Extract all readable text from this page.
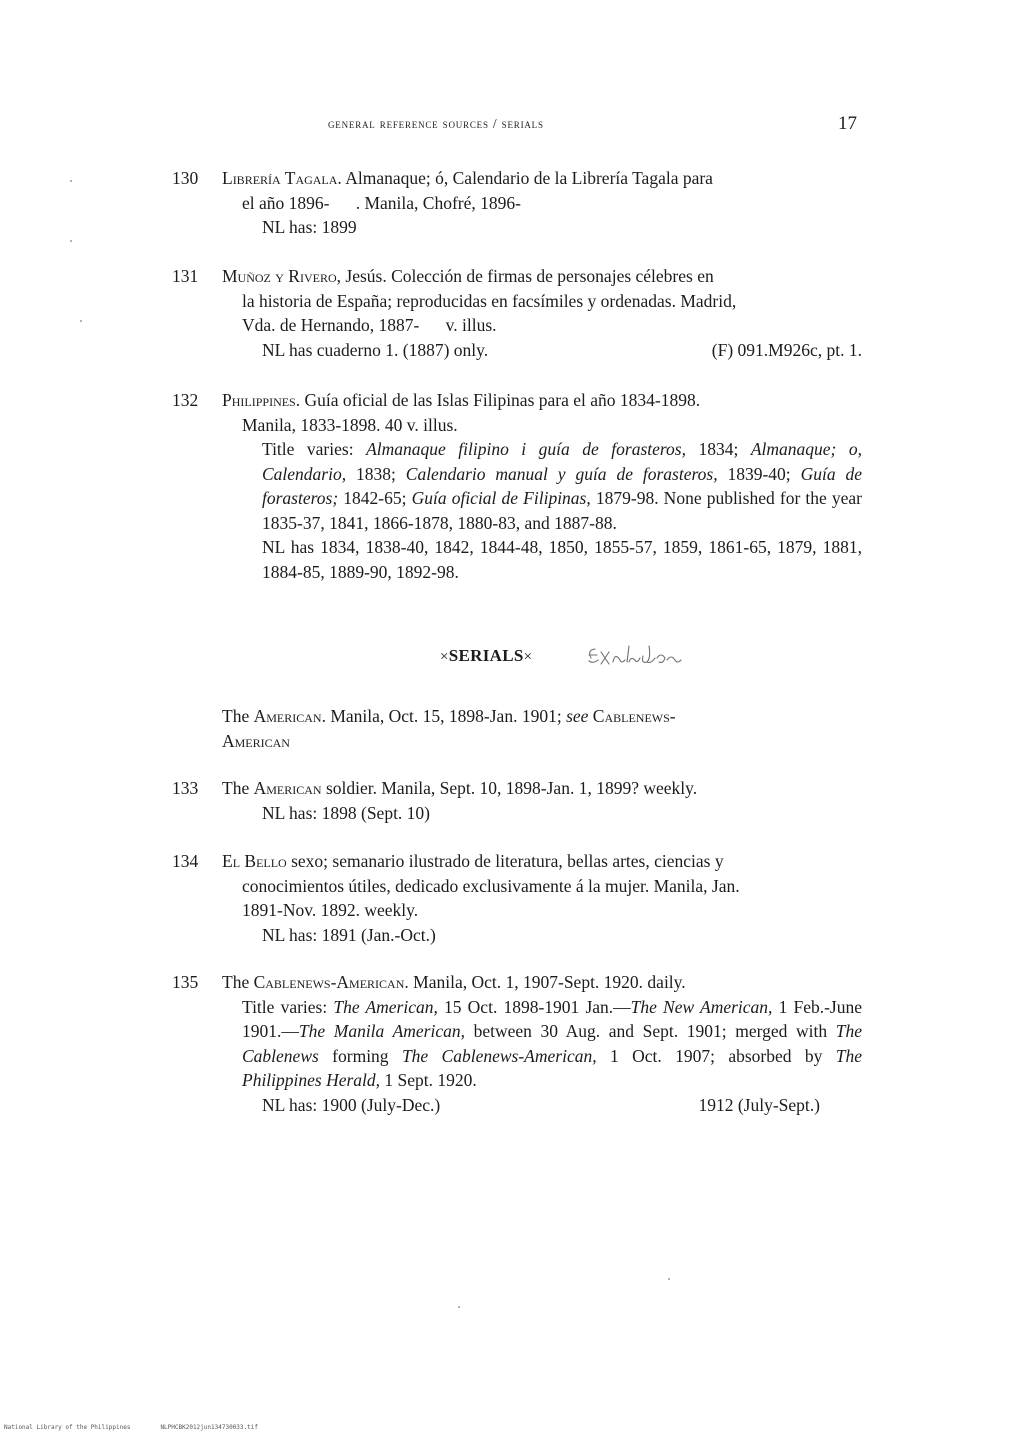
general reference sources / serials	17
130	Librería Tagala. Almanaque; ó, Calendario de la Librería Tagala para
el año 1896-      . Manila, Chofré, 1896-
NL has: 1899
131	Muñoz y Rivero, Jesús. Colección de firmas de personajes célebres en
la historia de España; reproducidas en facsímiles y ordenadas. Madrid,
Vda. de Hernando, 1887-      v. illus.
NL has cuaderno 1. (1887) only.	(F) 091.M926c, pt. 1.
132	Philippines. Guía oficial de las Islas Filipinas para el año 1834-1898.
Manila, 1833-1898. 40 v. illus.
Title varies: Almanaque filipino i guía de forasteros, 1834; Almanaque; o, Calendario, 1838; Calendario manual y guía de forasteros, 1839-40; Guía de forasteros; 1842-65; Guía oficial de Filipinas, 1879-98. None published for the year 1835-37, 1841, 1866-1878, 1880-83, and 1887-88.
NL has 1834, 1838-40, 1842, 1844-48, 1850, 1855-57, 1859, 1861-65, 1879, 1881, 1884-85, 1889-90, 1892-98.
×SERIALS×
The American. Manila, Oct. 15, 1898-Jan. 1901; see Cablenews-
American
133	The American soldier. Manila, Sept. 10, 1898-Jan. 1, 1899? weekly.
NL has: 1898 (Sept. 10)
134	El Bello sexo; semanario ilustrado de literatura, bellas artes, ciencias y
conocimientos útiles, dedicado exclusivamente á la mujer. Manila, Jan.
1891-Nov. 1892. weekly.
NL has: 1891 (Jan.-Oct.)
135	The Cablenews-American. Manila, Oct. 1, 1907-Sept. 1920. daily.
Title varies: The American, 15 Oct. 1898-1901 Jan.—The New American, 1 Feb.-June 1901.—The Manila American, between 30 Aug. and Sept. 1901; merged with The Cablenews forming The Cablenews-American, 1 Oct. 1907; absorbed by The Philippines Herald, 1 Sept. 1920.
NL has: 1900 (July-Dec.)	1912 (July-Sept.)
National Library of the Philippines	NLPHCBK2012jun134730033.tif
